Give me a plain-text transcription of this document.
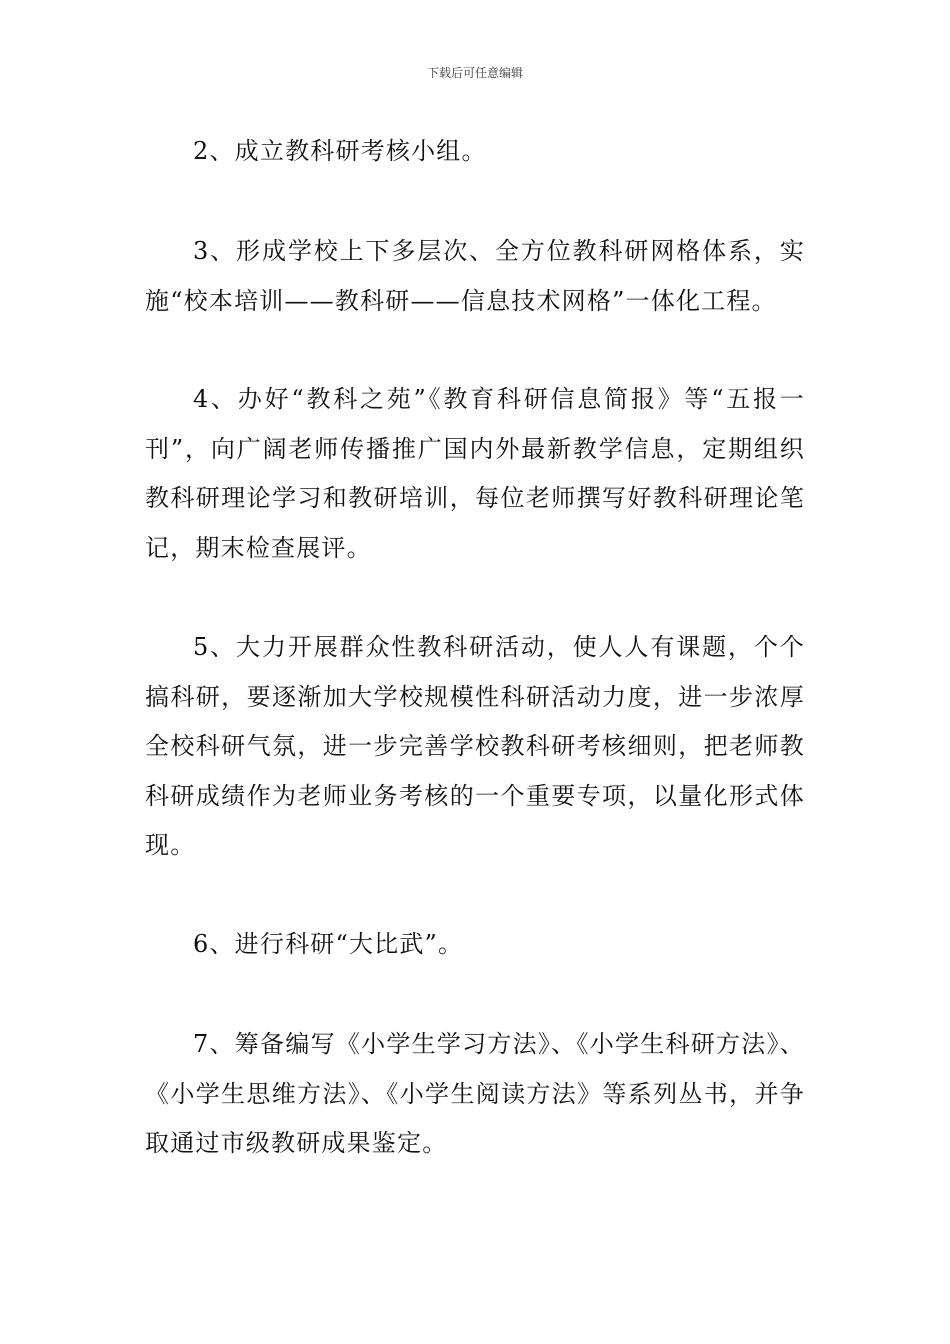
下载后可任意编辑

2、成立教科研考核小组。

3、形成学校上下多层次、全方位教科研网格体系，实施“校本培训——教科研——信息技术网格”一体化工程。

4、办好“教科之苑”《教育科研信息简报》等“五报一刊”，向广阔老师传播推广国内外最新教学信息，定期组织教科研理论学习和教研培训，每位老师撰写好教科研理论笔记，期末检查展评。

5、大力开展群众性教科研活动，使人人有课题，个个搞科研，要逐渐加大学校规模性科研活动力度，进一步浓厚全校科研气氛，进一步完善学校教科研考核细则，把老师教科研成绩作为老师业务考核的一个重要专项，以量化形式体现。

6、进行科研“大比武”。

7、筹备编写《小学生学习方法》、《小学生科研方法》、《小学生思维方法》、《小学生阅读方法》等系列丛书，并争取通过市级教研成果鉴定。
